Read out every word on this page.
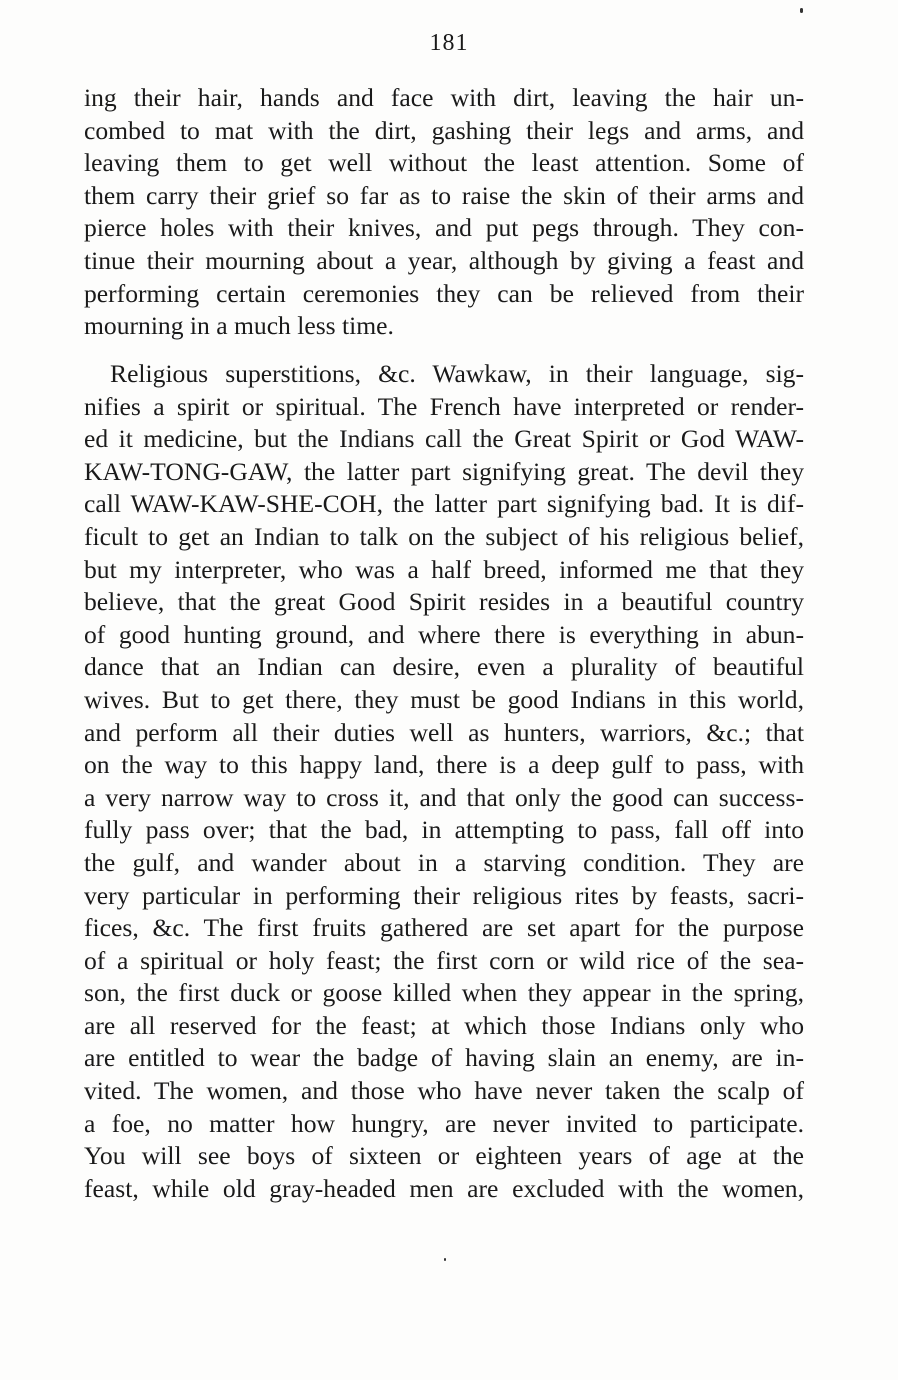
181
ing their hair, hands and face with dirt, leaving the hair un-
combed to mat with the dirt, gashing their legs and arms, and
leaving them to get well without the least attention. Some of
them carry their grief so far as to raise the skin of their arms and
pierce holes with their knives, and put pegs through. They con-
tinue their mourning about a year, although by giving a feast and
performing certain ceremonies they can be relieved from their
mourning in a much less time.
Religious superstitions, &c. Wawkaw, in their language, sig-
nifies a spirit or spiritual. The French have interpreted or render-
ed it medicine, but the Indians call the Great Spirit or God WAW-
KAW-TONG-GAW, the latter part signifying great. The devil they
call WAW-KAW-SHE-COH, the latter part signifying bad. It is dif-
ficult to get an Indian to talk on the subject of his religious belief,
but my interpreter, who was a half breed, informed me that they
believe, that the great Good Spirit resides in a beautiful country
of good hunting ground, and where there is everything in abun-
dance that an Indian can desire, even a plurality of beautiful
wives. But to get there, they must be good Indians in this world,
and perform all their duties well as hunters, warriors, &c.; that
on the way to this happy land, there is a deep gulf to pass, with
a very narrow way to cross it, and that only the good can success-
fully pass over; that the bad, in attempting to pass, fall off into
the gulf, and wander about in a starving condition. They are
very particular in performing their religious rites by feasts, sacri-
fices, &c. The first fruits gathered are set apart for the purpose
of a spiritual or holy feast; the first corn or wild rice of the sea-
son, the first duck or goose killed when they appear in the spring,
are all reserved for the feast; at which those Indians only who
are entitled to wear the badge of having slain an enemy, are in-
vited. The women, and those who have never taken the scalp of
a foe, no matter how hungry, are never invited to participate.
You will see boys of sixteen or eighteen years of age at the
feast, while old gray-headed men are excluded with the women,
